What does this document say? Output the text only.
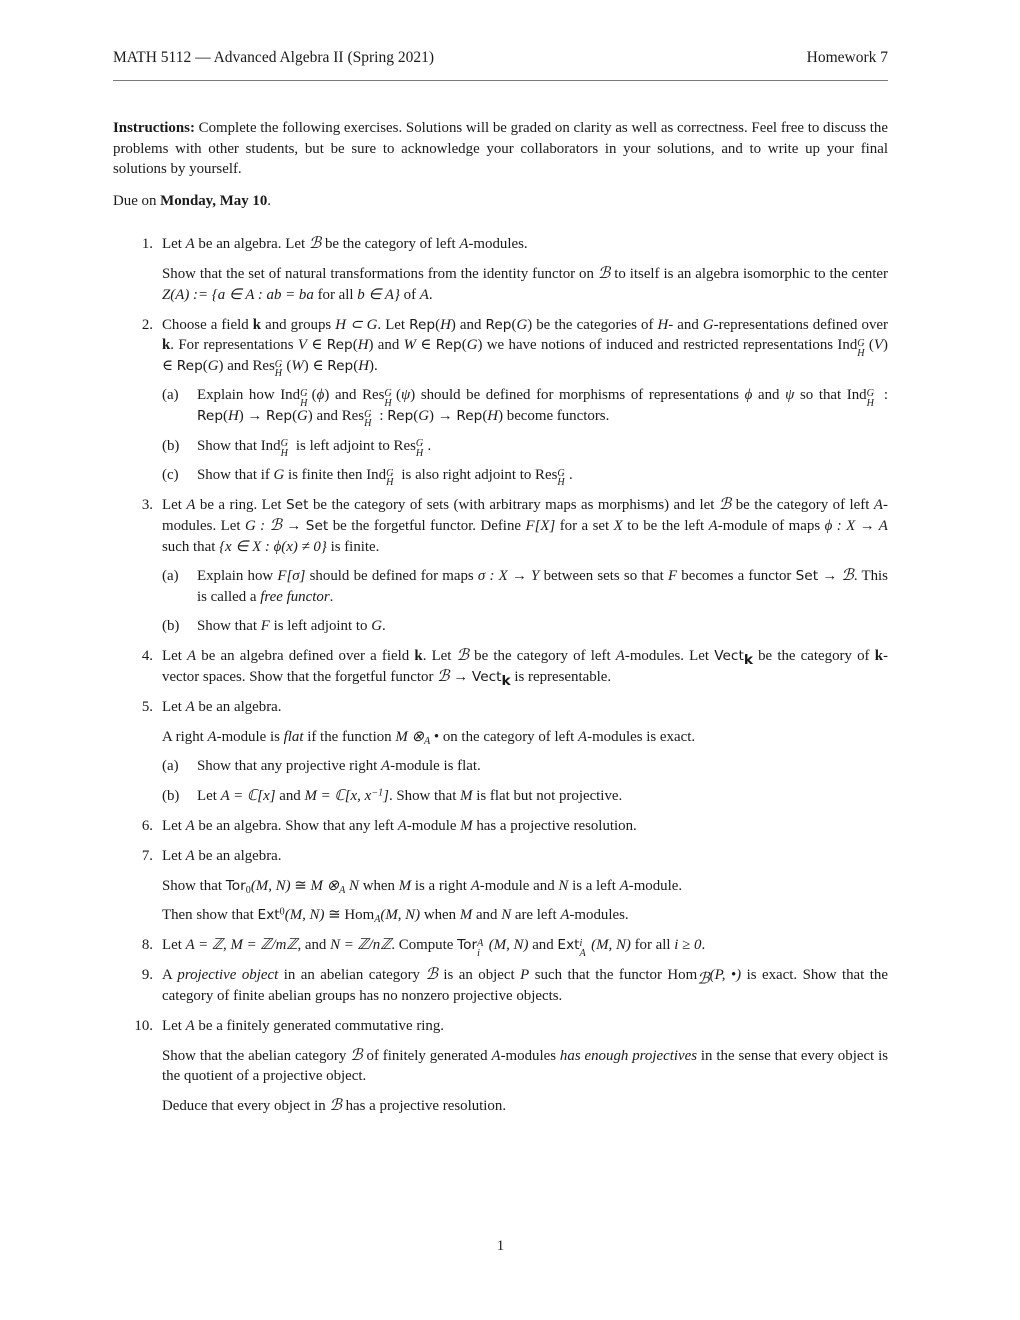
MATH 5112 — Advanced Algebra II (Spring 2021)	Homework 7

Instructions: Complete the following exercises. Solutions will be graded on clarity as well as correctness. Feel free to discuss the problems with other students, but be sure to acknowledge your collaborators in your solutions, and to write up your final solutions by yourself.

Due on Monday, May 10.

1. Let A be an algebra. Let ℬ be the category of left A-modules.

Show that the set of natural transformations from the identity functor on ℬ to itself is an algebra isomorphic to the center Z(A) := {a ∈ A : ab = ba for all b ∈ A} of A.

2. Choose a field k and groups H ⊂ G. Let Rep(H) and Rep(G) be the categories of H- and G-representations defined over k. For representations V ∈ Rep(H) and W ∈ Rep(G) we have notions of induced and restricted representations Ind G
H (V) ∈ Rep(G) and Res G
H (W) ∈ Rep(H).

(a)	Explain how Ind G
H (ϕ) and Res G
H (ψ) should be defined for morphisms of representations ϕ and ψ so that Ind G
H : Rep(H) → Rep(G) and Res G
H : Rep(G) → Rep(H) become functors.

(b)	Show that Ind G
H is left adjoint to Res G
H .

(c)	Show that if G is finite then Ind G
H is also right adjoint to Res G
H .

3. Let A be a ring. Let Set be the category of sets (with arbitrary maps as morphisms) and let ℬ be the category of left A-modules. Let G : ℬ → Set be the forgetful functor. Define F[X] for a set X to be the left A-module of maps ϕ : X → A such that {x ∈ X : ϕ(x) ≠ 0} is finite.

(a)	Explain how F[σ] should be defined for maps σ : X → Y between sets so that F becomes a functor Set → ℬ. This is called a free functor.

(b)	Show that F is left adjoint to G.

4. Let A be an algebra defined over a field k. Let ℬ be the category of left A-modules. Let Vect$_k$ be the category of k-vector spaces. Show that the forgetful functor ℬ → Vect$_k$ is representable.

5. Let A be an algebra.

A right A-module is flat if the function M $\otimes_A$ • on the category of left A-modules is exact.

(a)	Show that any projective right A-module is flat.

(b)	Let A = ℂ[x] and M = ℂ[x, $x^{-1}$]. Show that M is flat but not projective.

6. Let A be an algebra. Show that any left A-module M has a projective resolution.

7. Let A be an algebra.

Show that Tor$_0$(M, N) ≅ M $\otimes_A$ N when M is a right A-module and N is a left A-module.

Then show that Ext$^0$(M, N) ≅ Hom$_A$(M, N) when M and N are left A-modules.

8. Let A = ℤ, M = ℤ/mℤ, and N = ℤ/nℤ. Compute Tor A
i (M, N) and Ext i
A (M, N) for all i ≥ 0.

9. A projective object in an abelian category ℬ is an object P such that the functor Hom$_ℬ$(P, •) is exact. Show that the category of finite abelian groups has no nonzero projective objects.

10. Let A be a finitely generated commutative ring.

Show that the abelian category ℬ of finitely generated A-modules has enough projectives in the sense that every object is the quotient of a projective object.

Deduce that every object in ℬ has a projective resolution.

1
